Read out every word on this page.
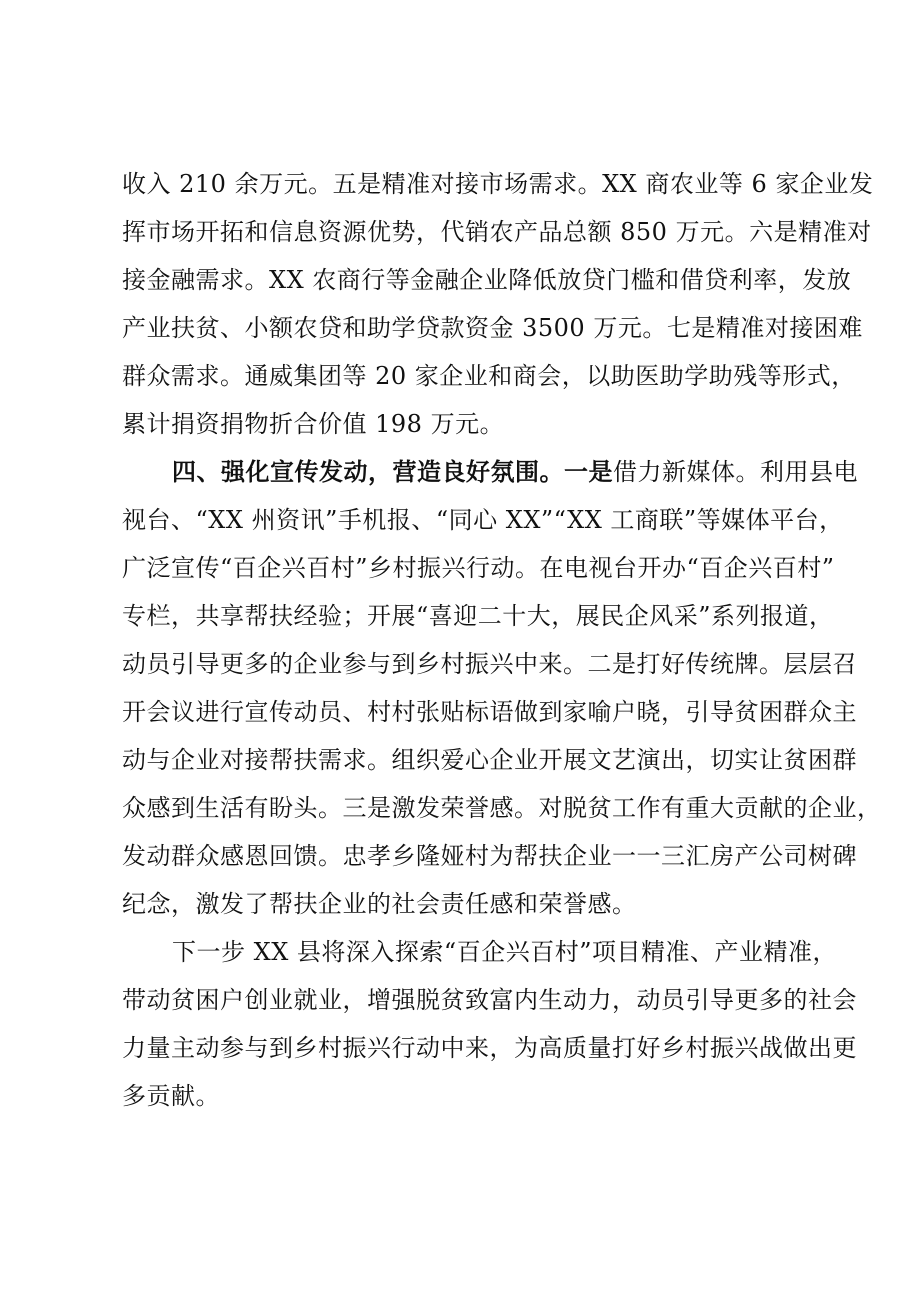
收入 210 余万元。五是精准对接市场需求。XX 商农业等 6 家企业发
挥市场开拓和信息资源优势，代销农产品总额 850 万元。六是精准对
接金融需求。XX 农商行等金融企业降低放贷门槛和借贷利率，发放
产业扶贫、小额农贷和助学贷款资金 3500 万元。七是精准对接困难
群众需求。通威集团等 20 家企业和商会，以助医助学助残等形式，
累计捐资捐物折合价值 198 万元。
四、强化宣传发动，营造良好氛围。一是借力新媒体。利用县电
视台、“XX 州资讯”手机报、“同心 XX”“XX 工商联”等媒体平台，
广泛宣传“百企兴百村”乡村振兴行动。在电视台开办“百企兴百村”
专栏，共享帮扶经验；开展“喜迎二十大，展民企风采”系列报道，
动员引导更多的企业参与到乡村振兴中来。二是打好传统牌。层层召
开会议进行宣传动员、村村张贴标语做到家喻户晓，引导贫困群众主
动与企业对接帮扶需求。组织爱心企业开展文艺演出，切实让贫困群
众感到生活有盼头。三是激发荣誉感。对脱贫工作有重大贡献的企业，
发动群众感恩回馈。忠孝乡隆娅村为帮扶企业一一三汇房产公司树碑
纪念，激发了帮扶企业的社会责任感和荣誉感。
下一步 XX 县将深入探索“百企兴百村”项目精准、产业精准，
带动贫困户创业就业，增强脱贫致富内生动力，动员引导更多的社会
力量主动参与到乡村振兴行动中来，为高质量打好乡村振兴战做出更
多贡献。
